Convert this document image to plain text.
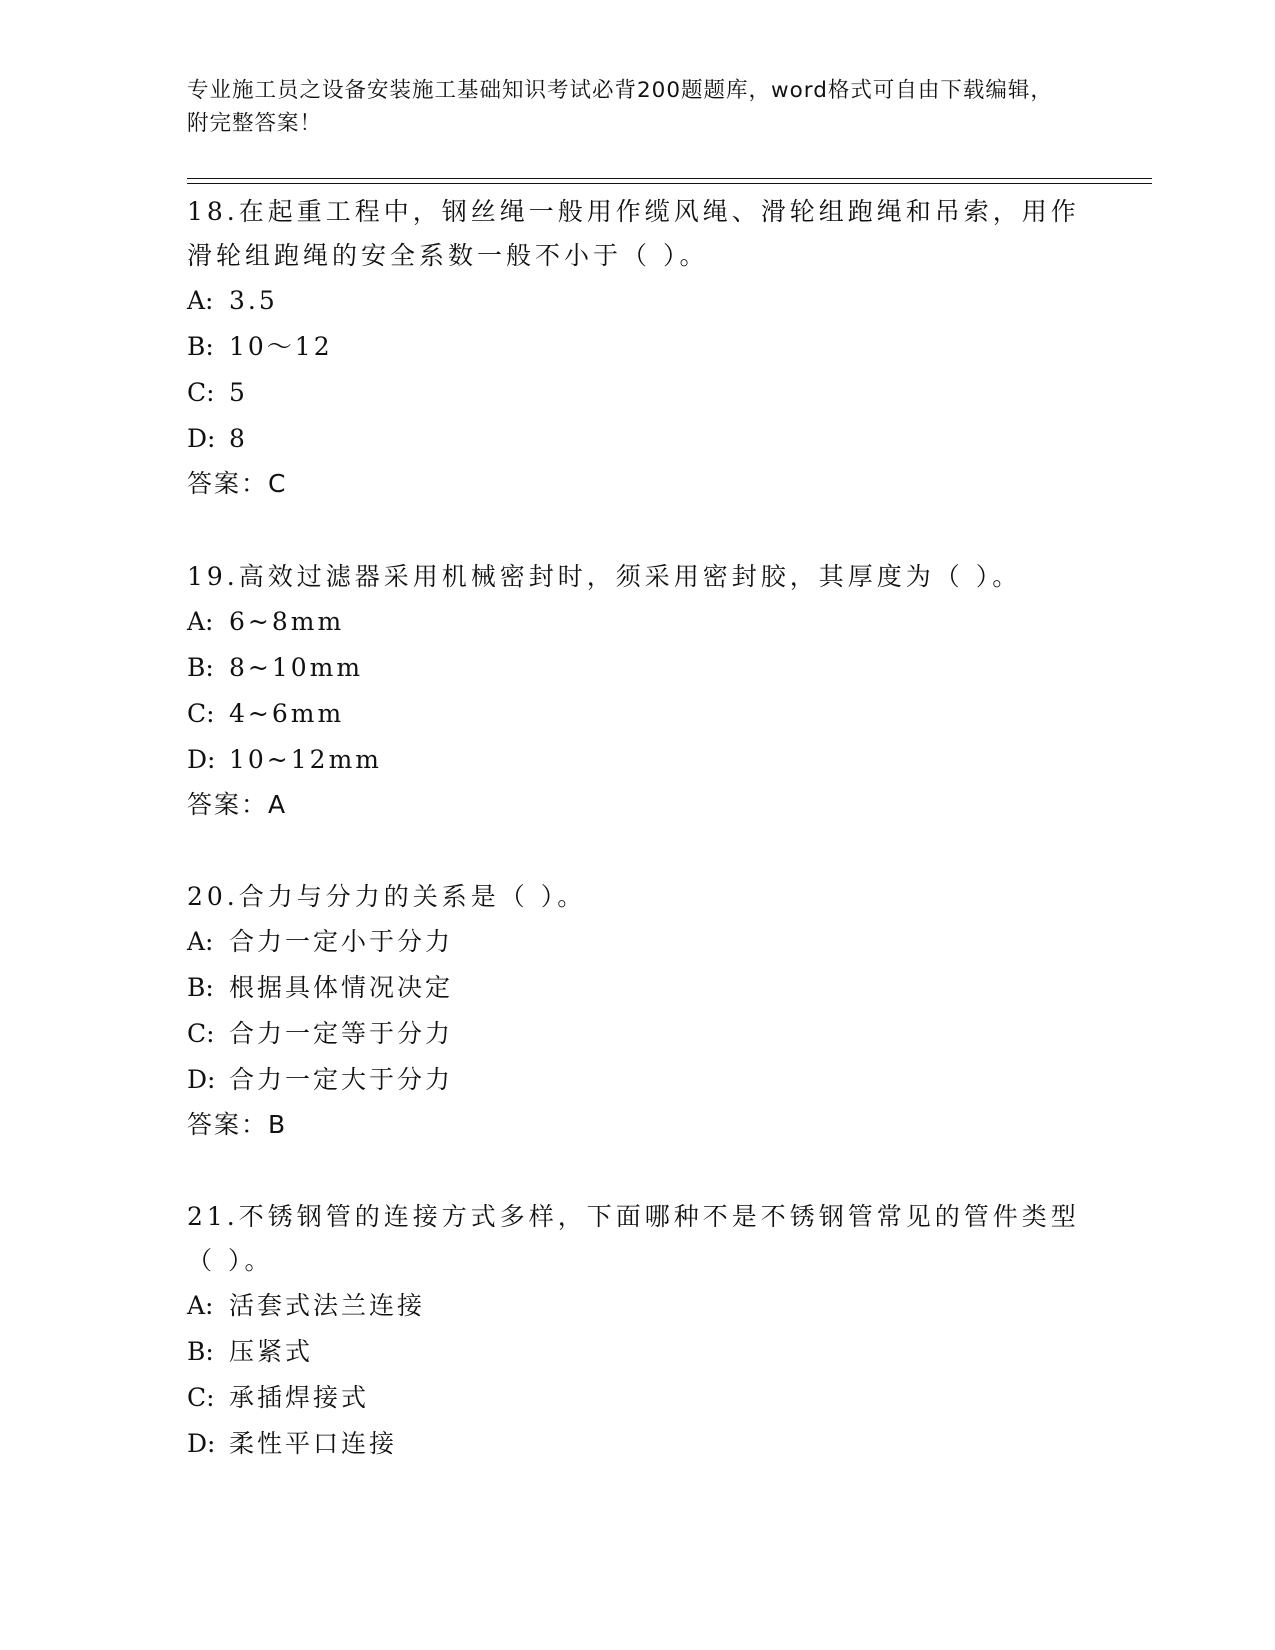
专业施工员之设备安装施工基础知识考试必背200题题库，word格式可自由下载编辑，附完整答案！
18.在起重工程中，钢丝绳一般用作缆风绳、滑轮组跑绳和吊索，用作滑轮组跑绳的安全系数一般不小于（ ）。
A: 3.5
B: 10～12
C: 5
D: 8
答案：C
19.高效过滤器采用机械密封时，须采用密封胶，其厚度为（ ）。
A: 6~8mm
B: 8~10mm
C: 4~6mm
D: 10~12mm
答案：A
20.合力与分力的关系是（ ）。
A: 合力一定小于分力
B: 根据具体情况决定
C: 合力一定等于分力
D: 合力一定大于分力
答案：B
21.不锈钢管的连接方式多样，下面哪种不是不锈钢管常见的管件类型（ ）。
A: 活套式法兰连接
B: 压紧式
C: 承插焊接式
D: 柔性平口连接
